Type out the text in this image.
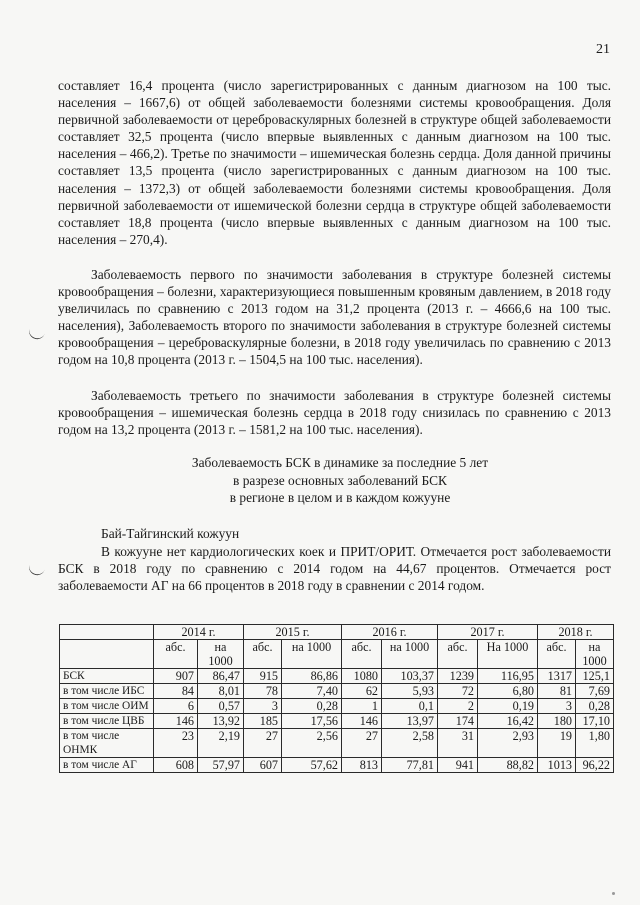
21

составляет 16,4 процента (число зарегистрированных с данным диагнозом на 100 тыс. населения – 1667,6) от общей заболеваемости болезнями системы кровообращения. Доля первичной заболеваемости от цереброваскулярных болезней в структуре общей заболеваемости составляет 32,5 процента (число впервые выявленных с данным диагнозом на 100 тыс. населения – 466,2). Третье по значимости – ишемическая болезнь сердца. Доля данной причины составляет 13,5 процента (число зарегистрированных с данным диагнозом на 100 тыс. населения – 1372,3) от общей заболеваемости болезнями системы кровообращения. Доля первичной заболеваемости от ишемической болезни сердца в структуре общей заболеваемости составляет 18,8 процента (число впервые выявленных с данным диагнозом на 100 тыс. населения – 270,4).

Заболеваемость первого по значимости заболевания в структуре болезней системы кровообращения – болезни, характеризующиеся повышенным кровяным давлением, в 2018 году увеличилась по сравнению с 2013 годом на 31,2 процента (2013 г. – 4666,6 на 100 тыс. населения), Заболеваемость второго по значимости заболевания в структуре болезней системы кровообращения – цереброваскулярные болезни, в 2018 году увеличилась по сравнению с 2013 годом на 10,8 процента (2013 г. – 1504,5 на 100 тыс. населения).

Заболеваемость третьего по значимости заболевания в структуре болезней системы кровообращения – ишемическая болезнь сердца в 2018 году снизилась по сравнению с 2013 годом на 13,2 процента (2013 г. – 1581,2 на 100 тыс. населения).

Заболеваемость БСК в динамике за последние 5 лет
в разрезе основных заболеваний БСК
в регионе в целом и в каждом кожууне
Бай-Тайгинский кожуун

В кожууне нет кардиологических коек и ПРИТ/ОРИТ. Отмечается рост заболеваемости БСК в 2018 году по сравнению с 2014 годом на 44,67 процентов. Отмечается рост заболеваемости АГ на 66 процентов в 2018 году в сравнении с 2014 годом.

	2014 г.		2015 г.		2016 г.		2017 г.		2018 г.	
	абс.	на 1000	абс.	на 1000	абс.	на 1000	абс.	На 1000	абс.	на 1000
БСК	907	86,47	915	86,86	1080	103,37	1239	116,95	1317	125,1
в том числе ИБС	84	8,01	78	7,40	62	5,93	72	6,80	81	7,69
в том числе ОИМ	6	0,57	3	0,28	1	0,1	2	0,19	3	0,28
в том числе ЦВБ	146	13,92	185	17,56	146	13,97	174	16,42	180	17,10
в том числе ОНМК	23	2,19	27	2,56	27	2,58	31	2,93	19	1,80
в том числе АГ	608	57,97	607	57,62	813	77,81	941	88,82	1013	96,22
